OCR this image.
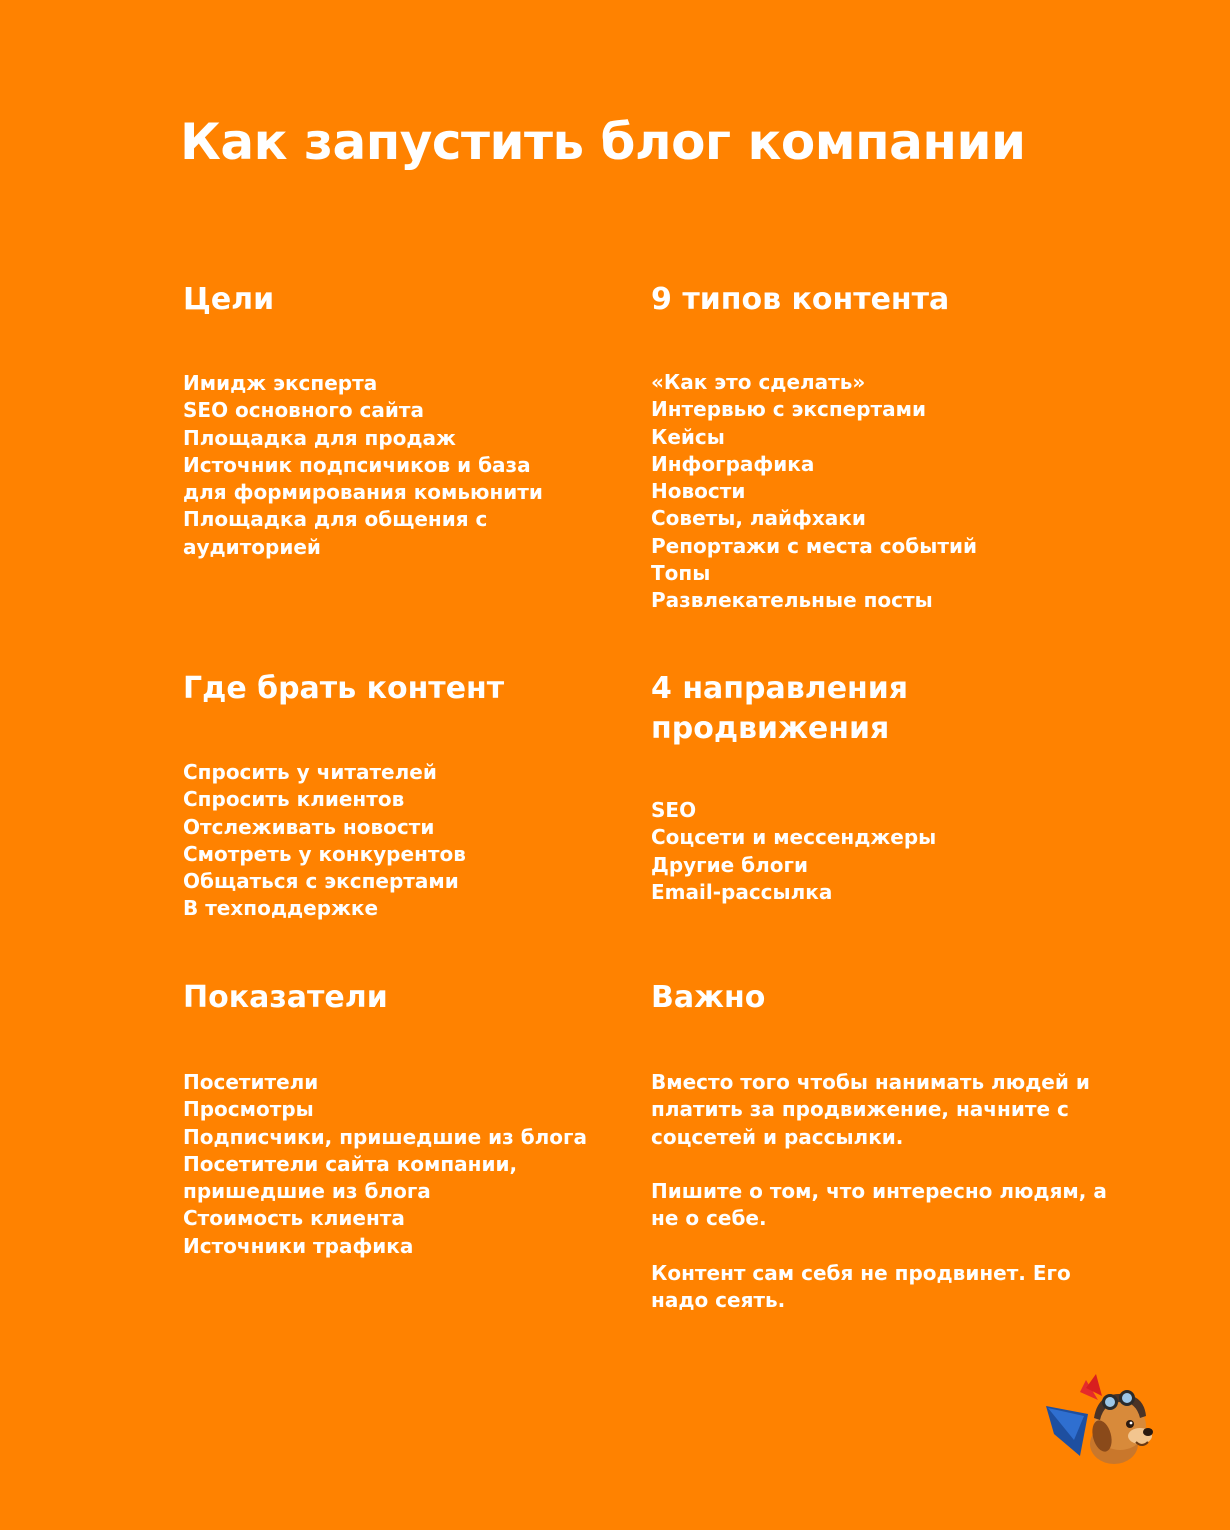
Как запустить блог компании
Цели
Имидж эксперта
SEO основного сайта
Площадка для продаж
Источник подпсичиков и база
для формирования комьюнити
Площадка для общения с
аудиторией
9 типов контента
«Как это сделать»
Интервью с экспертами
Кейсы
Инфографика
Новости
Советы, лайфхаки
Репортажи с места событий
Топы
Развлекательные посты
Где брать контент
Спросить у читателей
Спросить клиентов
Отслеживать новости
Смотреть у конкурентов
Общаться с экспертами
В техподдержке
4 направления
продвижения
SEO
Соцсети и мессенджеры
Другие блоги
Email-рассылка
Показатели
Посетители
Просмотры
Подписчики, пришедшие из блога
Посетители сайта компании,
пришедшие из блога
Стоимость клиента
Источники трафика
Важно

Вместо того чтобы нанимать людей и платить за продвижение, начните с соцсетей и рассылки.

Пишите о том, что интересно людям, а не о себе.

Контент сам себя не продвинет. Его надо сеять.
